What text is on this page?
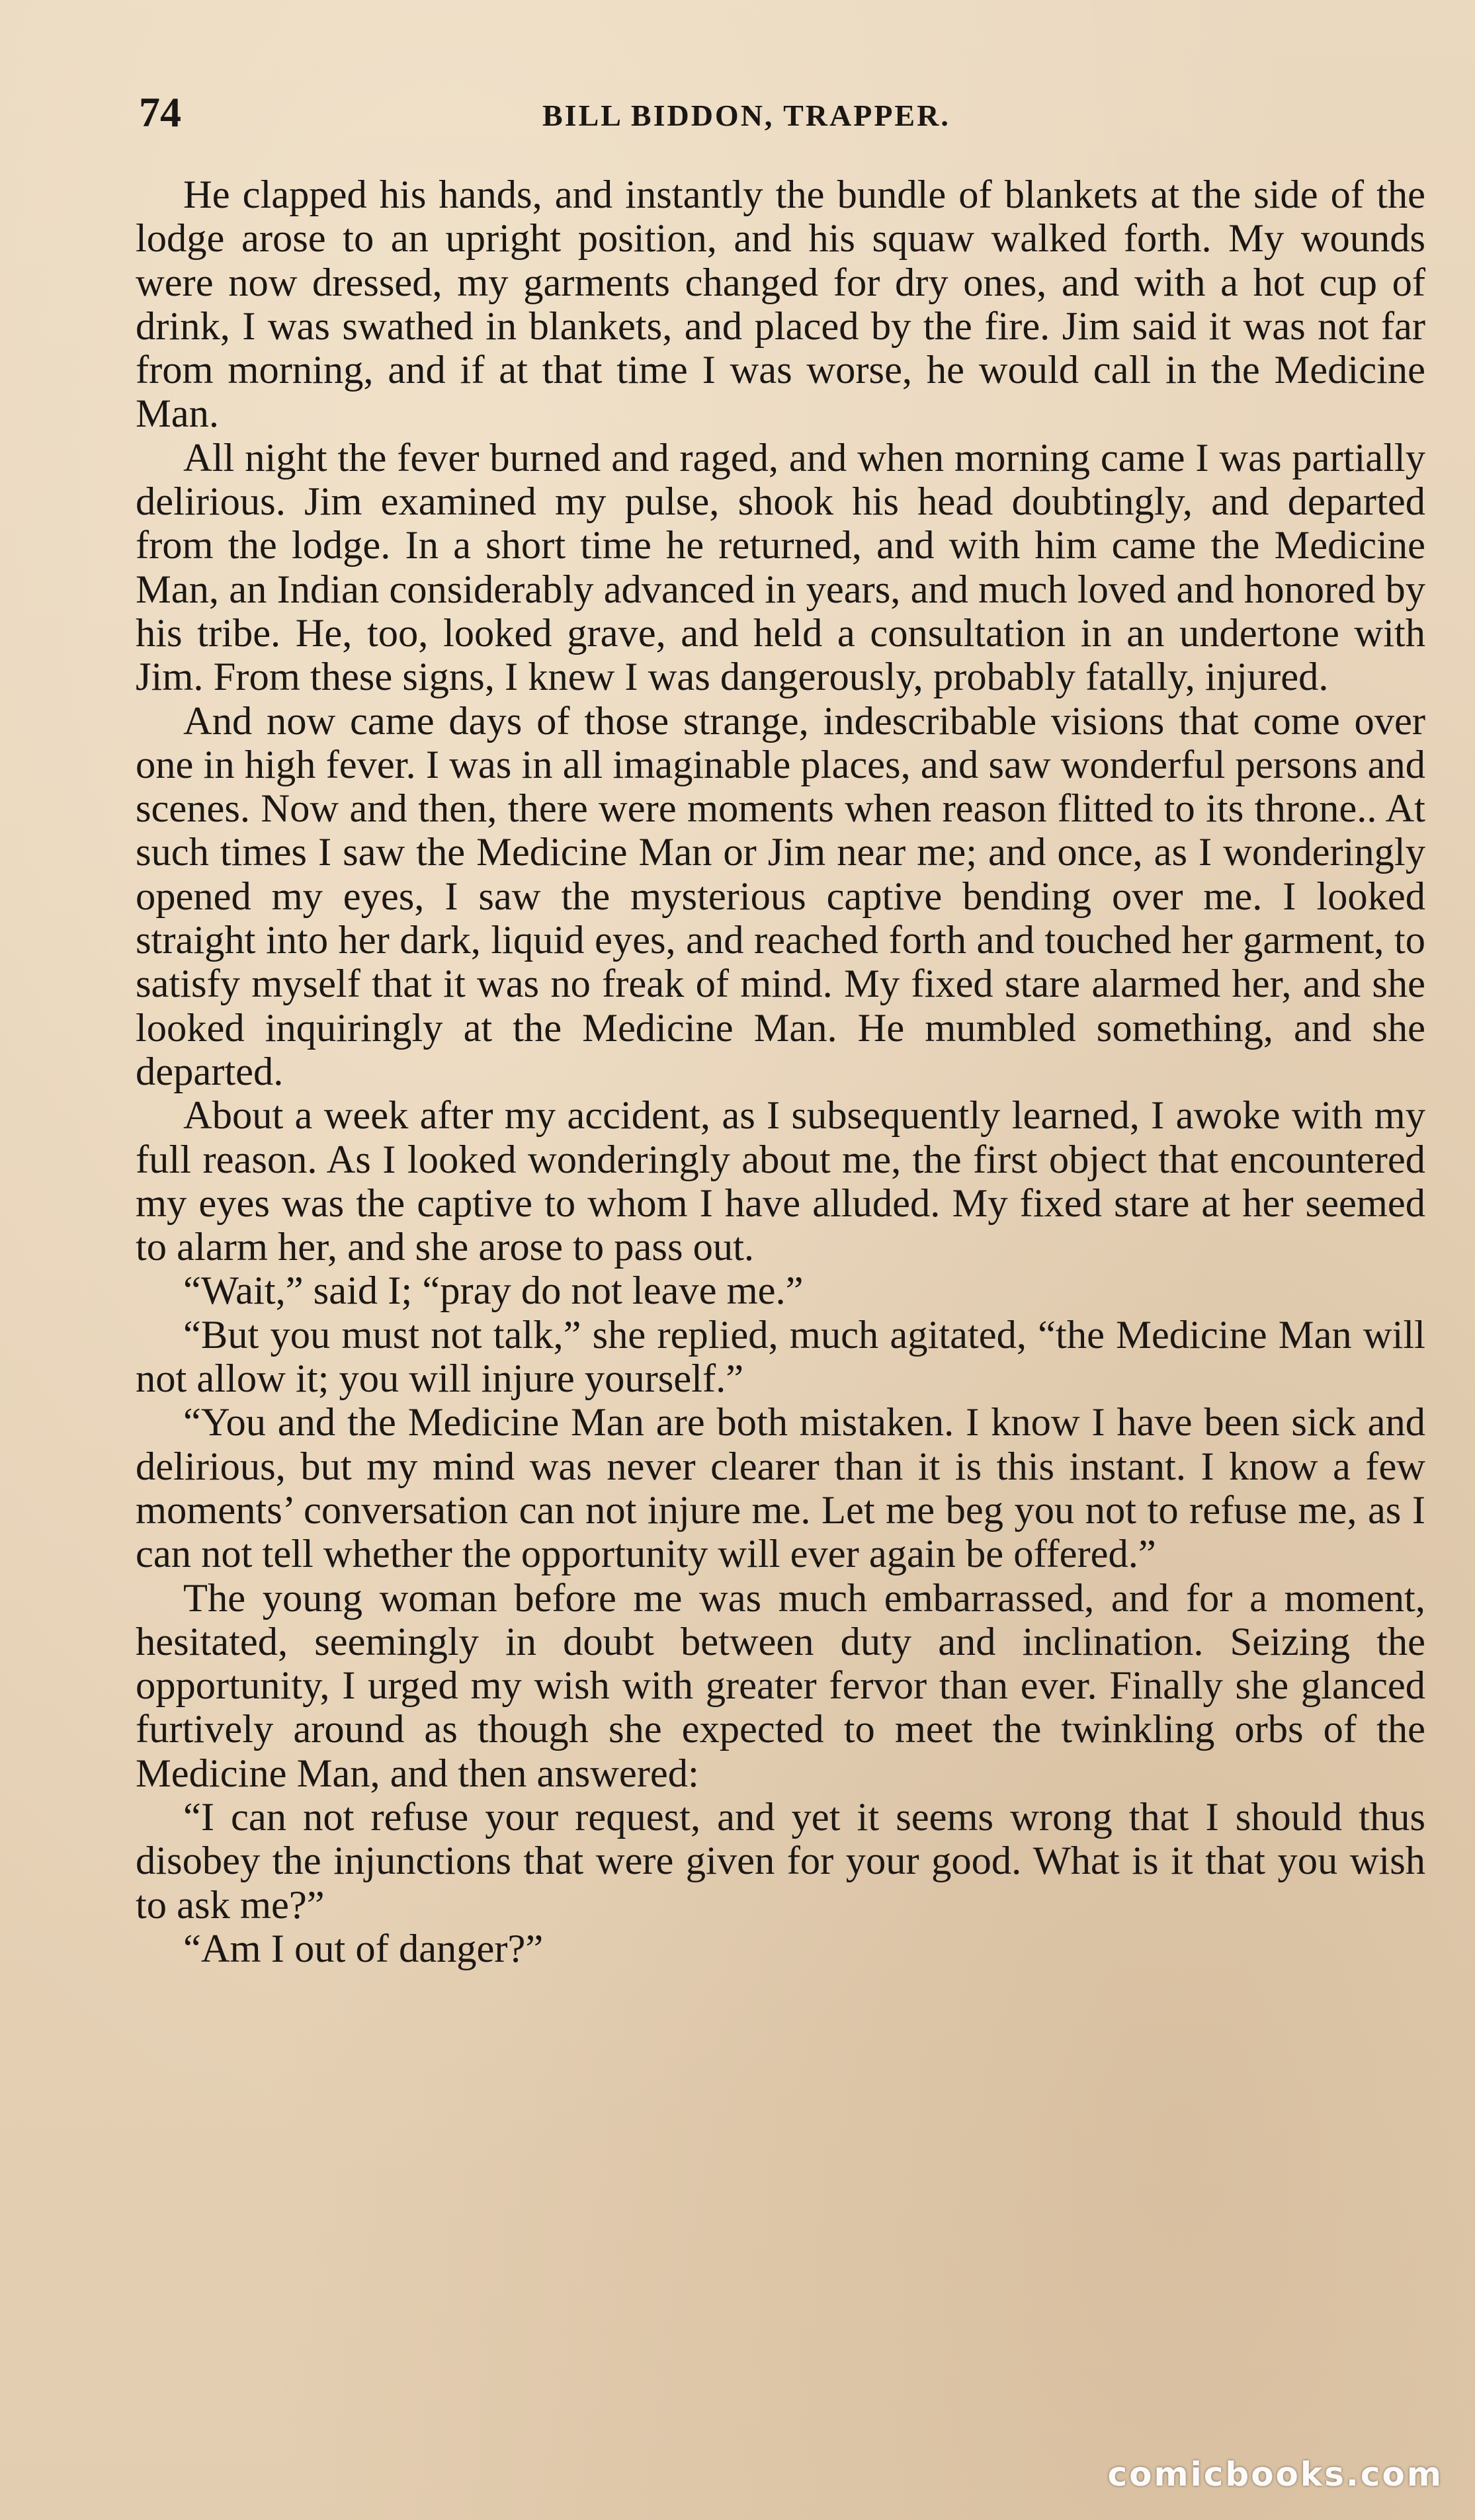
74	BILL BIDDON, TRAPPER.

He clapped his hands, and instantly the bundle of blankets at the side of the lodge arose to an upright position, and his squaw walked forth. My wounds were now dressed, my garments changed for dry ones, and with a hot cup of drink, I was swathed in blankets, and placed by the fire. Jim said it was not far from morning, and if at that time I was worse, he would call in the Medicine Man.

All night the fever burned and raged, and when morning came I was partially delirious. Jim examined my pulse, shook his head doubtingly, and departed from the lodge. In a short time he returned, and with him came the Medicine Man, an Indian considerably advanced in years, and much loved and honored by his tribe. He, too, looked grave, and held a consultation in an undertone with Jim. From these signs, I knew I was dangerously, probably fatally, injured.

And now came days of those strange, indescribable visions that come over one in high fever. I was in all imaginable places, and saw wonderful persons and scenes. Now and then, there were moments when reason flitted to its throne.. At such times I saw the Medicine Man or Jim near me; and once, as I wonderingly opened my eyes, I saw the mysterious captive bending over me. I looked straight into her dark, liquid eyes, and reached forth and touched her garment, to satisfy myself that it was no freak of mind. My fixed stare alarmed her, and she looked inquiringly at the Medicine Man. He mumbled something, and she departed.

About a week after my accident, as I subsequently learned, I awoke with my full reason. As I looked wonderingly about me, the first object that encountered my eyes was the captive to whom I have alluded. My fixed stare at her seemed to alarm her, and she arose to pass out.

“Wait,” said I; “pray do not leave me.”

“But you must not talk,” she replied, much agitated, “the Medicine Man will not allow it; you will injure yourself.”

“You and the Medicine Man are both mistaken. I know I have been sick and delirious, but my mind was never clearer than it is this instant. I know a few moments’ conversation can not injure me. Let me beg you not to refuse me, as I can not tell whether the opportunity will ever again be offered.”

The young woman before me was much embarrassed, and for a moment, hesitated, seemingly in doubt between duty and inclination. Seizing the opportunity, I urged my wish with greater fervor than ever. Finally she glanced furtively around as though she expected to meet the twinkling orbs of the Medicine Man, and then answered:

“I can not refuse your request, and yet it seems wrong that I should thus disobey the injunctions that were given for your good. What is it that you wish to ask me?”

“Am I out of danger?”

comicbooks.com
